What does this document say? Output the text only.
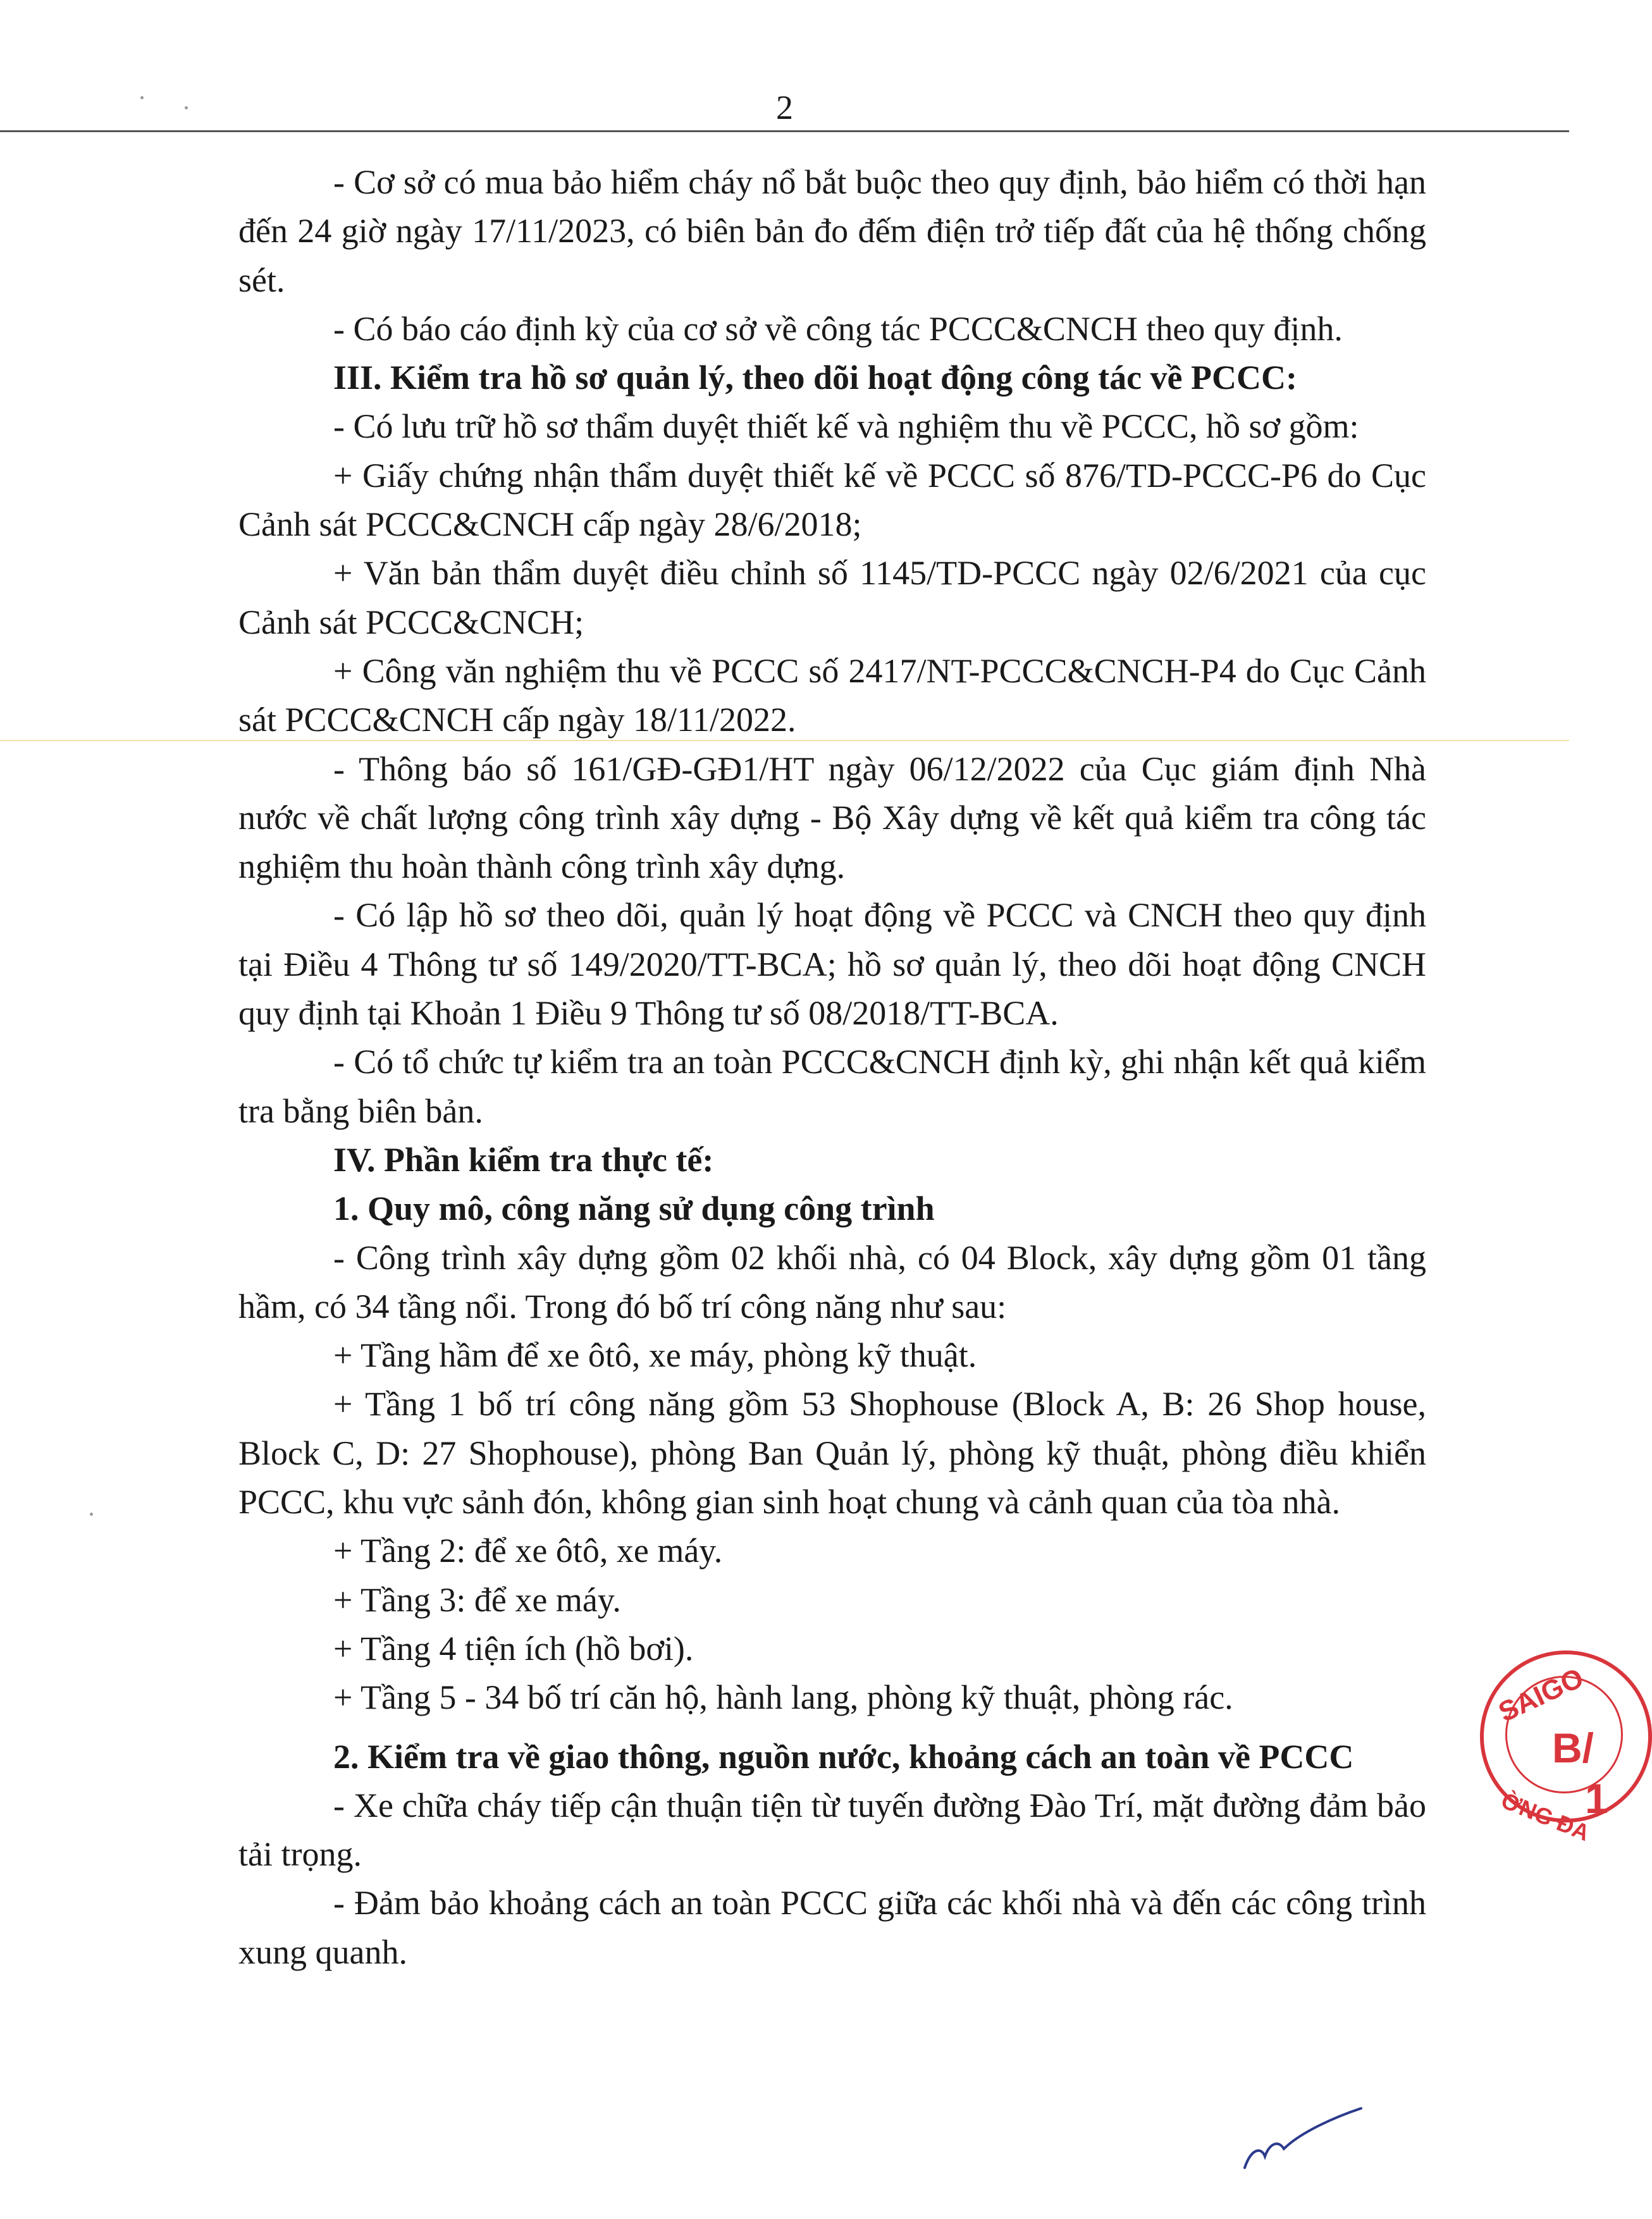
2

- Cơ sở có mua bảo hiểm cháy nổ bắt buộc theo quy định, bảo hiểm có thời hạn đến 24 giờ ngày 17/11/2023, có biên bản đo đếm điện trở tiếp đất của hệ thống chống sét.

- Có báo cáo định kỳ của cơ sở về công tác PCCC&CNCH theo quy định.

III. Kiểm tra hồ sơ quản lý, theo dõi hoạt động công tác về PCCC:

- Có lưu trữ hồ sơ thẩm duyệt thiết kế và nghiệm thu về PCCC, hồ sơ gồm:

+ Giấy chứng nhận thẩm duyệt thiết kế về PCCC số 876/TD-PCCC-P6 do Cục Cảnh sát PCCC&CNCH cấp ngày 28/6/2018;

+ Văn bản thẩm duyệt điều chỉnh số 1145/TD-PCCC ngày 02/6/2021 của cục Cảnh sát PCCC&CNCH;

+ Công văn nghiệm thu về PCCC số 2417/NT-PCCC&CNCH-P4 do Cục Cảnh sát PCCC&CNCH cấp ngày 18/11/2022.

- Thông báo số 161/GĐ-GĐ1/HT ngày 06/12/2022 của Cục giám định Nhà nước về chất lượng công trình xây dựng - Bộ Xây dựng về kết quả kiểm tra công tác nghiệm thu hoàn thành công trình xây dựng.

- Có lập hồ sơ theo dõi, quản lý hoạt động về PCCC và CNCH theo quy định tại Điều 4 Thông tư số 149/2020/TT-BCA; hồ sơ quản lý, theo dõi hoạt động CNCH quy định tại Khoản 1 Điều 9 Thông tư số 08/2018/TT-BCA.

- Có tổ chức tự kiểm tra an toàn PCCC&CNCH định kỳ, ghi nhận kết quả kiểm tra bằng biên bản.

IV. Phần kiểm tra thực tế:

1. Quy mô, công năng sử dụng công trình

- Công trình xây dựng gồm 02 khối nhà, có 04 Block, xây dựng gồm 01 tầng hầm, có 34 tầng nổi. Trong đó bố trí công năng như sau:

+ Tầng hầm để xe ôtô, xe máy, phòng kỹ thuật.

+ Tầng 1 bố trí công năng gồm 53 Shophouse (Block A, B: 26 Shop house, Block C, D: 27 Shophouse), phòng Ban Quản lý, phòng kỹ thuật, phòng điều khiển PCCC, khu vực sảnh đón, không gian sinh hoạt chung và cảnh quan của tòa nhà.

+ Tầng 2: để xe ôtô, xe máy.

+ Tầng 3: để xe máy.

+ Tầng 4 tiện ích (hồ bơi).

+ Tầng 5 - 34 bố trí căn hộ, hành lang, phòng kỹ thuật, phòng rác.

2. Kiểm tra về giao thông, nguồn nước, khoảng cách an toàn về PCCC

- Xe chữa cháy tiếp cận thuận tiện từ tuyến đường Đào Trí, mặt đường đảm bảo tải trọng.

- Đảm bảo khoảng cách an toàn PCCC giữa các khối nhà và đến các công trình xung quanh.

SAIGO
B/
1
ỜNG ĐA
